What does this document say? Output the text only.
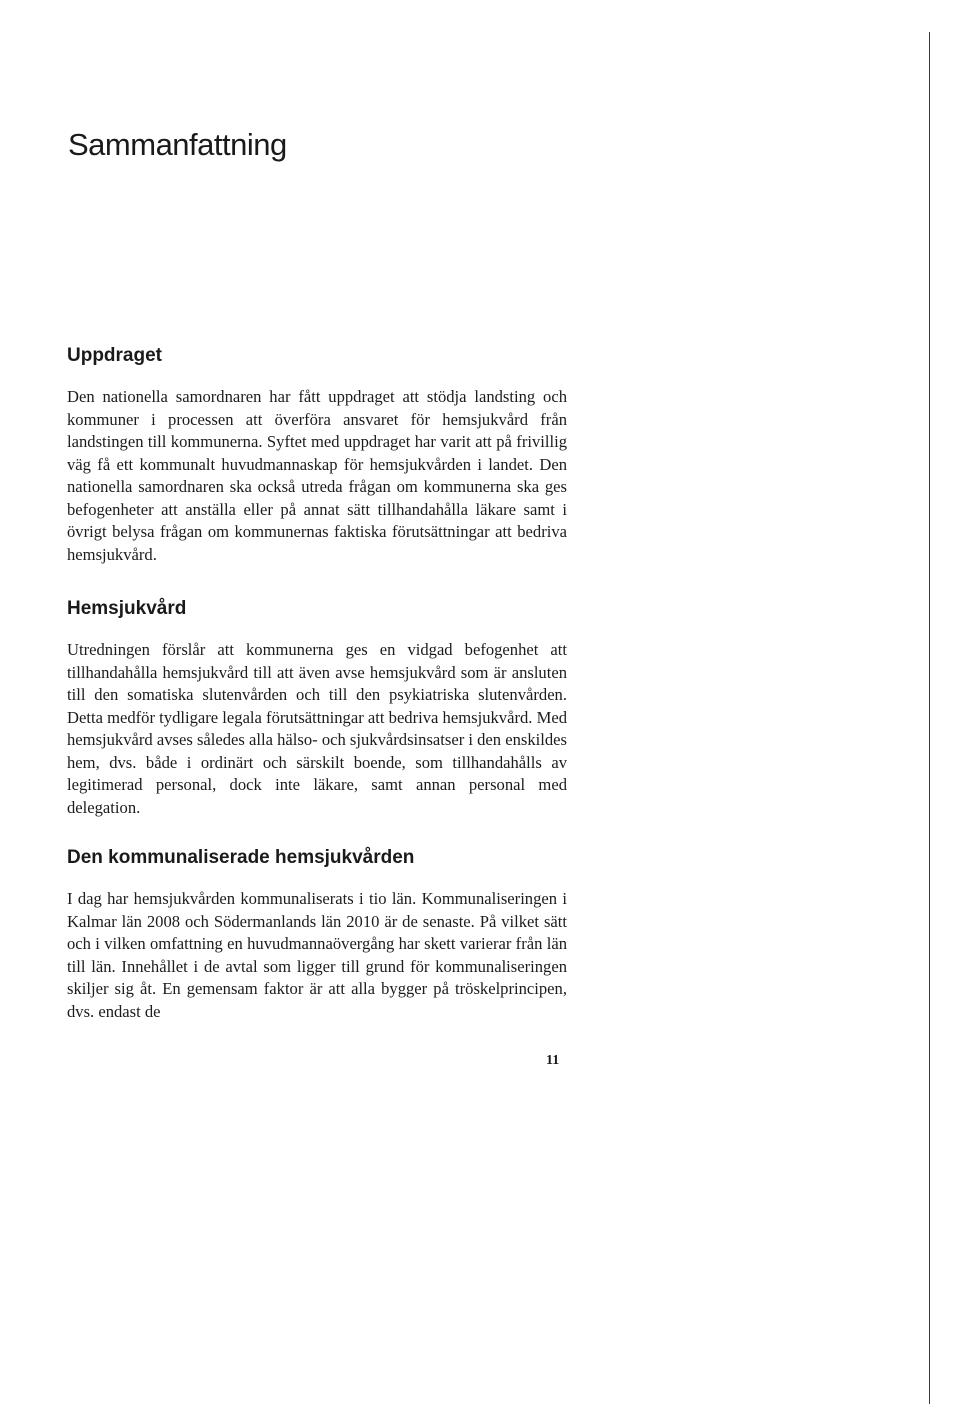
Sammanfattning
Uppdraget

Den nationella samordnaren har fått uppdraget att stödja landsting och kommuner i processen att överföra ansvaret för hemsjukvård från landstingen till kommunerna. Syftet med uppdraget har varit att på frivillig väg få ett kommunalt huvudmannaskap för hemsjukvården i landet. Den nationella samordnaren ska också utreda frågan om kommunerna ska ges befogenheter att anställa eller på annat sätt tillhandahålla läkare samt i övrigt belysa frågan om kommunernas faktiska förutsättningar att bedriva hemsjukvård.

Hemsjukvård

Utredningen förslår att kommunerna ges en vidgad befogenhet att tillhandahålla hemsjukvård till att även avse hemsjukvård som är ansluten till den somatiska slutenvården och till den psykiatriska slutenvården. Detta medför tydligare legala förutsättningar att bedriva hemsjukvård. Med hemsjukvård avses således alla hälso- och sjukvårdsinsatser i den enskildes hem, dvs. både i ordinärt och särskilt boende, som tillhandahålls av legitimerad personal, dock inte läkare, samt annan personal med delegation.

Den kommunaliserade hemsjukvården

I dag har hemsjukvården kommunaliserats i tio län. Kommunaliseringen i Kalmar län 2008 och Södermanlands län 2010 är de senaste. På vilket sätt och i vilken omfattning en huvudmannaövergång har skett varierar från län till län. Innehållet i de avtal som ligger till grund för kommunaliseringen skiljer sig åt. En gemensam faktor är att alla bygger på tröskelprincipen, dvs. endast de

11
